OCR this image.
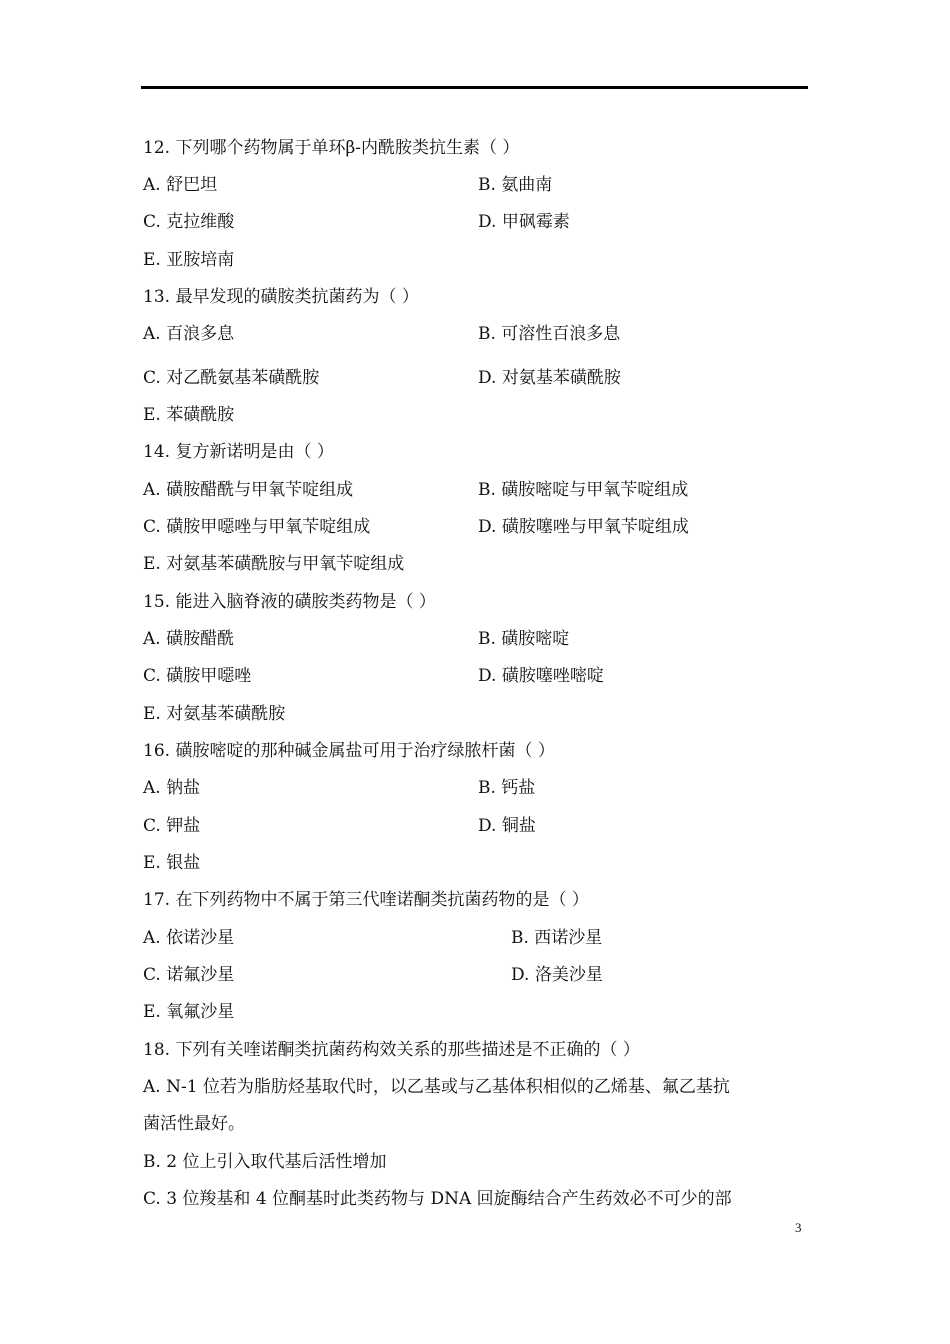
12. 下列哪个药物属于单环β-内酰胺类抗生素（ ）
A. 舒巴坦	B. 氨曲南
C. 克拉维酸	D. 甲砜霉素
E. 亚胺培南
13. 最早发现的磺胺类抗菌药为（ ）
A. 百浪多息	B. 可溶性百浪多息
C. 对乙酰氨基苯磺酰胺	D. 对氨基苯磺酰胺
E. 苯磺酰胺
14. 复方新诺明是由（ ）
A. 磺胺醋酰与甲氧苄啶组成	B. 磺胺嘧啶与甲氧苄啶组成
C. 磺胺甲噁唑与甲氧苄啶组成	D. 磺胺噻唑与甲氧苄啶组成
E. 对氨基苯磺酰胺与甲氧苄啶组成
15. 能进入脑脊液的磺胺类药物是（ ）
A. 磺胺醋酰	B. 磺胺嘧啶
C. 磺胺甲噁唑	D. 磺胺噻唑嘧啶
E. 对氨基苯磺酰胺
16. 磺胺嘧啶的那种碱金属盐可用于治疗绿脓杆菌（ ）
A. 钠盐	B. 钙盐
C. 钾盐	D. 铜盐
E. 银盐
17. 在下列药物中不属于第三代喹诺酮类抗菌药物的是（ ）
A. 依诺沙星	B. 西诺沙星
C. 诺氟沙星	D. 洛美沙星
E. 氧氟沙星
18. 下列有关喹诺酮类抗菌药构效关系的那些描述是不正确的（ ）
A. N-1 位若为脂肪烃基取代时，以乙基或与乙基体积相似的乙烯基、氟乙基抗
菌活性最好。
B. 2 位上引入取代基后活性增加
C. 3 位羧基和 4 位酮基时此类药物与 DNA 回旋酶结合产生药效必不可少的部
3
